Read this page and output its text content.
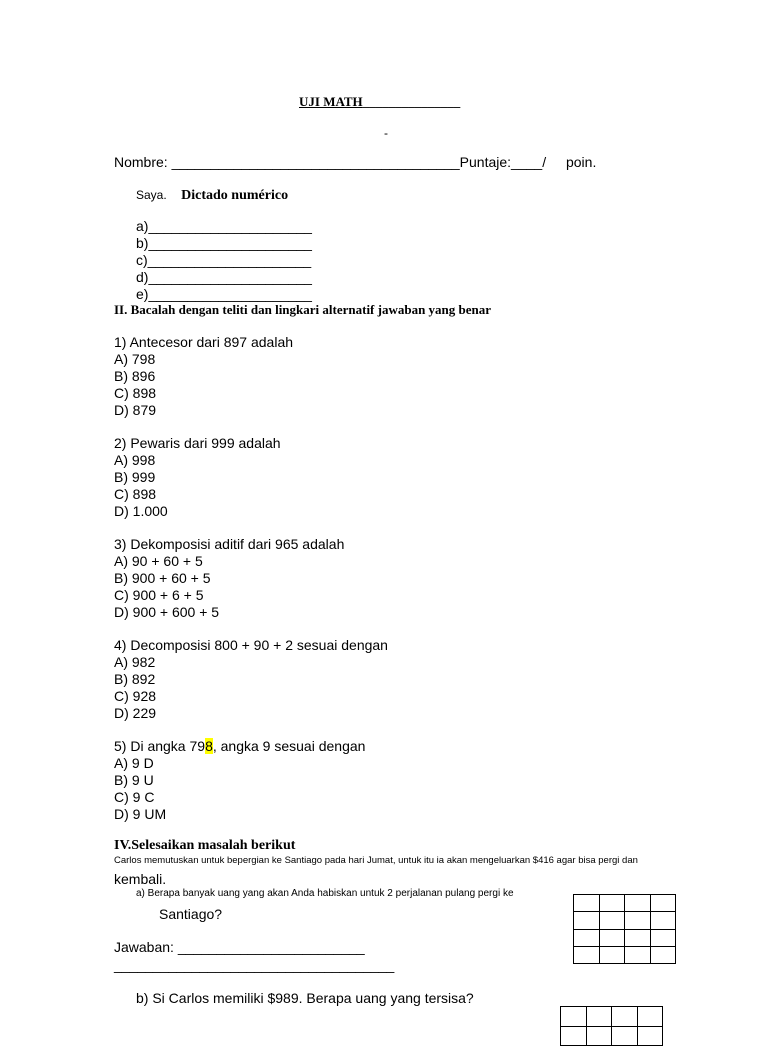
UJI MATH_______________
-
Nombre: _____________________________________Puntaje:____/ poin.
Saya. Dictado numérico
a)_____________________
b)_____________________
c)_____________________
d)_____________________
e)_____________________
II. Bacalah dengan teliti dan lingkari alternatif jawaban yang benar
1) Antecesor dari 897 adalah
A) 798
B) 896
C) 898
D) 879
2) Pewaris dari 999 adalah
A) 998
B) 999
C) 898
D) 1.000
3) Dekomposisi aditif dari 965 adalah
A) 90 + 60 + 5
B) 900 + 60 + 5
C) 900 + 6 + 5
D) 900 + 600 + 5
4) Decomposisi 800 + 90 + 2 sesuai dengan
A) 982
B) 892
C) 928
D) 229
5) Di angka 798, angka 9 sesuai dengan
A) 9 D
B) 9 U
C) 9 C
D) 9 UM
IV.Selesaikan masalah berikut
Carlos memutuskan untuk bepergian ke Santiago pada hari Jumat, untuk itu ia akan mengeluarkan $416 agar bisa pergi dan
kembali.
a) Berapa banyak uang yang akan Anda habiskan untuk 2 perjalanan pulang pergi ke
Santiago?

Jawaban: ________________________
____________________________________
b) Si Carlos memiliki $989. Berapa uang yang tersisa?
